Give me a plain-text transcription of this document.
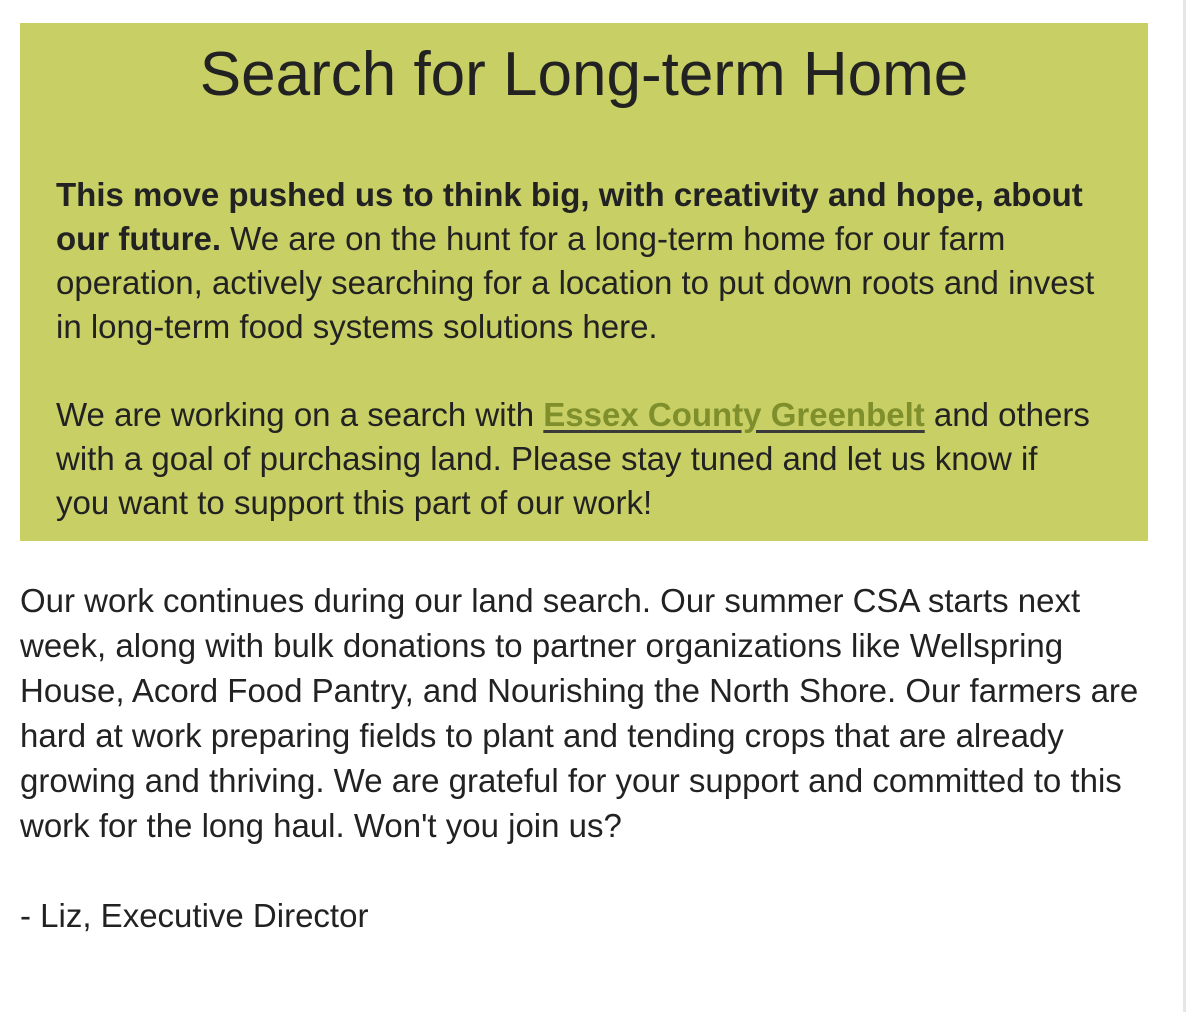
Search for Long-term Home

This move pushed us to think big, with creativity and hope, about our future. We are on the hunt for a long-term home for our farm operation, actively searching for a location to put down roots and invest in long-term food systems solutions here.

We are working on a search with Essex County Greenbelt and others with a goal of purchasing land. Please stay tuned and let us know if you want to support this part of our work!

Our work continues during our land search. Our summer CSA starts next week, along with bulk donations to partner organizations like Wellspring House, Acord Food Pantry, and Nourishing the North Shore. Our farmers are hard at work preparing fields to plant and tending crops that are already growing and thriving. We are grateful for your support and committed to this work for the long haul. Won't you join us?

- Liz, Executive Director
